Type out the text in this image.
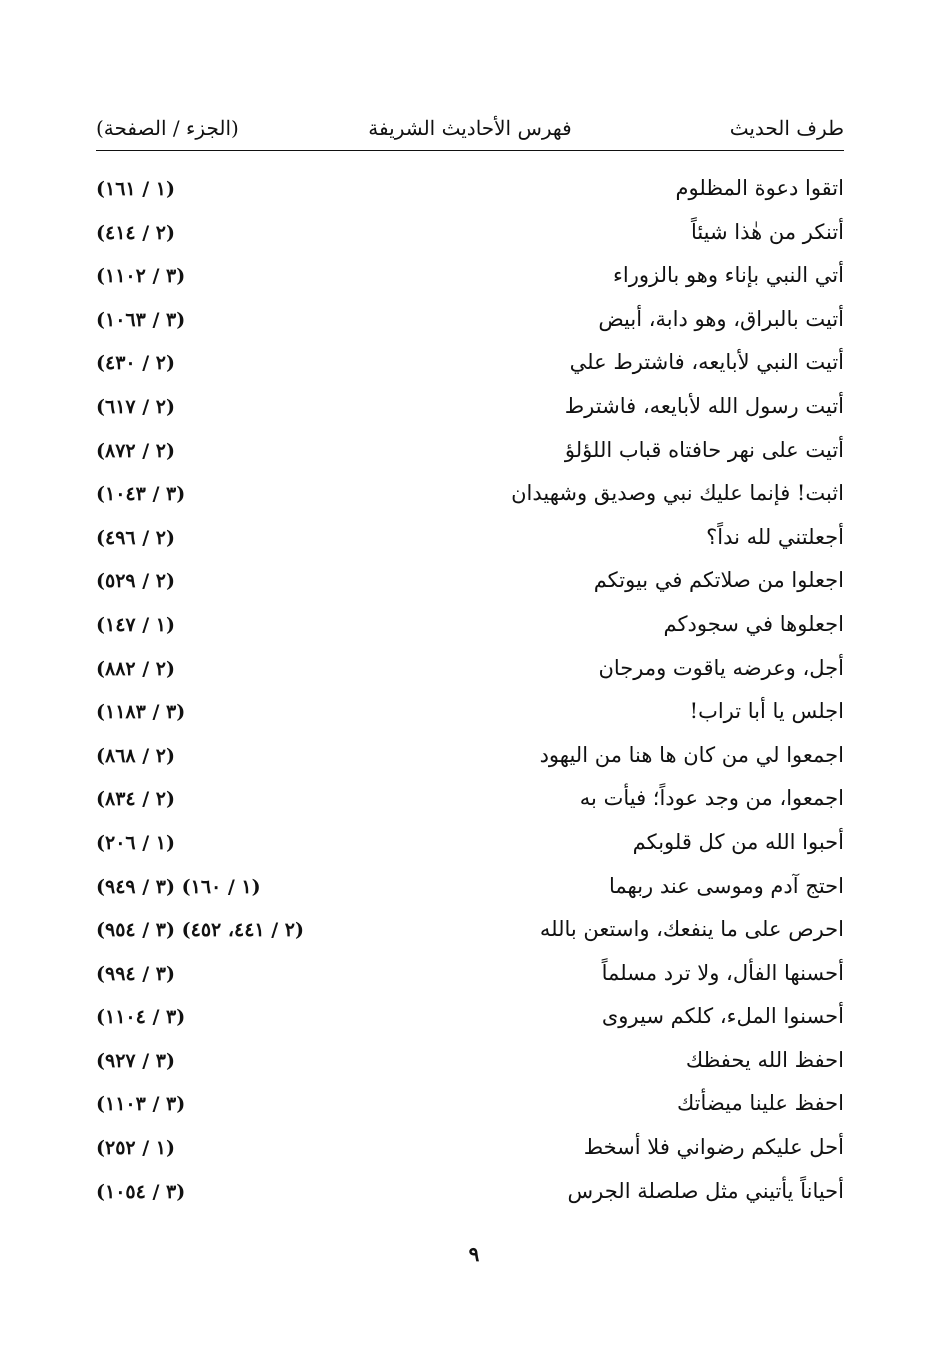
طرف الحديث
فهرس الأحاديث الشريفة
(الجزء / الصفحة)
اتقوا دعوة المظلوم
(١ / ١٦١)
أتنكر من هٰذا شيئاً
(٢ / ٤١٤)
أتي النبي بإناء وهو بالزوراء
(٣ / ١١٠٢)
أتيت بالبراق، وهو دابة، أبيض
(٣ / ١٠٦٣)
أتيت النبي لأبايعه، فاشترط علي
(٢ / ٤٣٠)
أتيت رسول الله لأبايعه، فاشترط
(٢ / ٦١٧)
أتيت على نهر حافتاه قباب اللؤلؤ
(٢ / ٨٧٢)
اثبت! فإنما عليك نبي وصديق وشهيدان
(٣ / ١٠٤٣)
أجعلتني لله نداً؟
(٢ / ٤٩٦)
اجعلوا من صلاتكم في بيوتكم
(٢ / ٥٢٩)
اجعلوها في سجودكم
(١ / ١٤٧)
أجل، وعرضه ياقوت ومرجان
(٢ / ٨٨٢)
اجلس يا أبا تراب!
(٣ / ١١٨٣)
اجمعوا لي من كان ها هنا من اليهود
(٢ / ٨٦٨)
اجمعوا، من وجد عوداً؛ فيأت به
(٢ / ٨٣٤)
أحبوا الله من كل قلوبكم
(١ / ٢٠٦)
احتج آدم وموسى عند ربهما
(١ / ١٦٠) (٣ / ٩٤٩)
احرص على ما ينفعك، واستعن بالله
(٢ / ٤٤١، ٤٥٢) (٣ / ٩٥٤)
أحسنها الفأل، ولا ترد مسلماً
(٣ / ٩٩٤)
أحسنوا الملء، كلكم سيروى
(٣ / ١١٠٤)
احفظ الله يحفظك
(٣ / ٩٢٧)
احفظ علينا ميضأتك
(٣ / ١١٠٣)
أحل عليكم رضواني فلا أسخط
(١ / ٢٥٢)
أحياناً يأتيني مثل صلصلة الجرس
(٣ / ١٠٥٤)
٩
